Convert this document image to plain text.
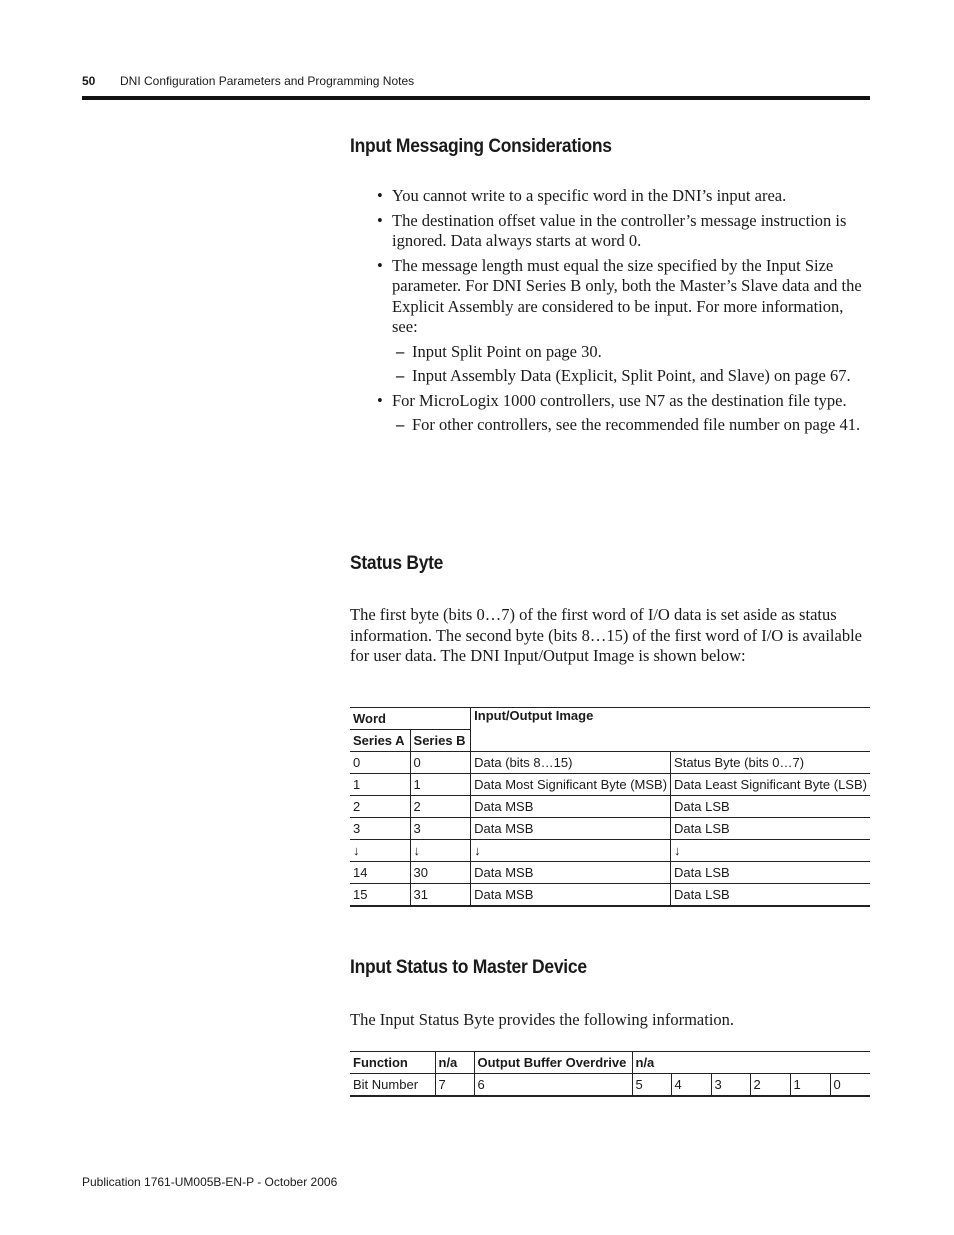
50 DNI Configuration Parameters and Programming Notes
Input Messaging Considerations
• You cannot write to a specific word in the DNI’s input area.
• The destination offset value in the controller’s message instruction is ignored. Data always starts at word 0.
• The message length must equal the size specified by the Input Size parameter. For DNI Series B only, both the Master’s Slave data and the Explicit Assembly are considered to be input. For more information, see:
– Input Split Point on page 30.
– Input Assembly Data (Explicit, Split Point, and Slave) on page 67.
• For MicroLogix 1000 controllers, use N7 as the destination file type.
– For other controllers, see the recommended file number on page 41.
Status Byte

The first byte (bits 0…7) of the first word of I/O data is set aside as status information. The second byte (bits 8…15) of the first word of I/O is available for user data. The DNI Input/Output Image is shown below:

Word		Input/Output Image	
Series A	Series B		
0	0	Data (bits 8…15)	Status Byte (bits 0…7)
1	1	Data Most Significant Byte (MSB)	Data Least Significant Byte (LSB)
2	2	Data MSB	Data LSB
3	3	Data MSB	Data LSB
↓	↓	↓	↓
14	30	Data MSB	Data LSB
15	31	Data MSB	Data LSB
Input Status to Master Device

The Input Status Byte provides the following information.

Function	n/a	Output Buffer Overdrive	n/a					
Bit Number	7	6	5	4	3	2	1	0
Publication 1761-UM005B-EN-P - October 2006
